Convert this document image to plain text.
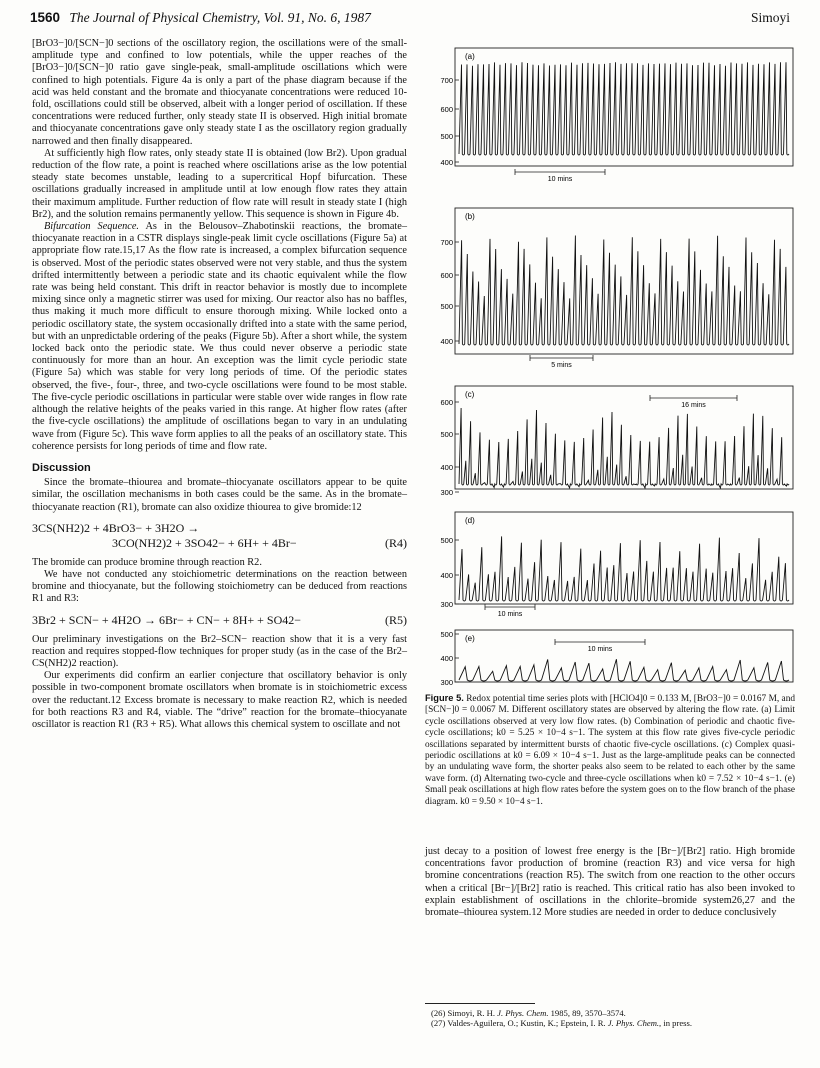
1560 The Journal of Physical Chemistry, Vol. 91, No. 6, 1987	Simoyi

[BrO3−]0/[SCN−]0 sections of the oscillatory region, the oscillations were of the small-amplitude type and confined to low potentials, while the upper reaches of the [BrO3−]0/[SCN−]0 ratio gave single-peak, small-amplitude oscillations which were confined to high potentials. Figure 4a is only a part of the phase diagram because if the acid was held constant and the bromate and thiocyanate concentrations were reduced 10-fold, oscillations could still be observed, albeit with a longer period of oscillation. If these concentrations were reduced further, only steady state II is observed. High initial bromate and thiocyanate concentrations gave only steady state I as the oscillatory region gradually narrowed and then finally disappeared.

At sufficiently high flow rates, only steady state II is obtained (low Br2). Upon gradual reduction of the flow rate, a point is reached where oscillations arise as the low potential steady state becomes unstable, leading to a supercritical Hopf bifurcation. These oscillations gradually increased in amplitude until at low enough flow rates they attain their maximum amplitude. Further reduction of flow rate will result in steady state I (high Br2), and the solution remains permanently yellow. This sequence is shown in Figure 4b.

Bifurcation Sequence. As in the Belousov–Zhabotinskii reactions, the bromate–thiocyanate reaction in a CSTR displays single-peak limit cycle oscillations (Figure 5a) at appropriate flow rate.15,17 As the flow rate is increased, a complex bifurcation sequence is observed. Most of the periodic states observed were not very stable, and thus the system drifted intermittently between a periodic state and its chaotic equivalent while the flow rate was being held constant. This drift in reactor behavior is mostly due to incomplete mixing since only a magnetic stirrer was used for mixing. Our reactor also has no baffles, thus making it much more difficult to ensure thorough mixing. While locked onto a periodic oscillatory state, the system occasionally drifted into a state with the same period, but with an unpredictable ordering of the peaks (Figure 5b). After a short while, the system locked back onto the periodic state. We thus could never observe a periodic state continuously for more than an hour. An exception was the limit cycle periodic state (Figure 5a) which was stable for very long periods of time. Of the periodic states observed, the five-, four-, three, and two-cycle oscillations were found to be most stable. The five-cycle periodic oscillations in particular were stable over wide ranges in flow rate although the relative heights of the peaks varied in this range. At higher flow rates (after the five-cycle oscillations) the amplitude of oscillations began to vary in an undulating wave from (Figure 5c). This wave form applies to all the peaks of an oscillatory state. This coherence persists for long periods of time and flow rate.

Discussion

Since the bromate–thiourea and bromate–thiocyanate oscillators appear to be quite similar, the oscillation mechanisms in both cases could be the same. As in the bromate–thiocyanate reaction (R1), bromate can also oxidize thiourea to give bromide:12

3CS(NH2)2 + 4BrO3− + 3H2O →
3CO(NH2)2 + 3SO42− + 6H+ + 4Br−	(R4)

The bromide can produce bromine through reaction R2.

We have not conducted any stoichiometric determinations on the reaction between bromine and thiocyanate, but the following stoichiometry can be deduced from reactions R1 and R3:

3Br2 + SCN− + 4H2O → 6Br− + CN− + 8H+ + SO42−	(R5)

Our preliminary investigations on the Br2–SCN− reaction show that it is a very fast reaction and requires stopped-flow techniques for proper study (as in the case of the Br2–CS(NH2)2 reaction).

Our experiments did confirm an earlier conjecture that oscillatory behavior is only possible in two-component bromate oscillators when bromate is in stoichiometric excess over the reductant.12 Excess bromate is necessary to make reaction R2, which is needed for both reactions R3 and R4, viable. The “drive” reaction for the bromate–thiocyanate oscillator is reaction R1 (R3 + R5). What allows this chemical system to oscillate and not

(a)
700
600
500
400
10 mins
(b)
700
600
500
400
5 mins
(c)
600
500
400
300
16 mins
(d)
500
400
300
10 mins
(e)
500
400
300
10 mins
Figure 5. Redox potential time series plots with [HClO4]0 = 0.133 M, [BrO3−]0 = 0.0167 M, and [SCN−]0 = 0.0067 M. Different oscillatory states are observed by altering the flow rate. (a) Limit cycle oscillations observed at very low flow rates. (b) Combination of periodic and chaotic five-cycle oscillations; k0 = 5.25 × 10−4 s−1. The system at this flow rate gives five-cycle periodic oscillations separated by intermittent bursts of chaotic five-cycle oscillations. (c) Complex quasi-periodic oscillations at k0 = 6.09 × 10−4 s−1. Just as the large-amplitude peaks can be connected by an undulating wave form, the shorter peaks also seem to be related to each other by the same wave form. (d) Alternating two-cycle and three-cycle oscillations when k0 = 7.52 × 10−4 s−1. (e) Small peak oscillations at high flow rates before the system goes on to the flow branch of the phase diagram. k0 = 9.50 × 10−4 s−1.

just decay to a position of lowest free energy is the [Br−]/[Br2] ratio. High bromide concentrations favor production of bromine (reaction R3) and vice versa for high bromine concentrations (reaction R5). The switch from one reaction to the other occurs when a critical [Br−]/[Br2] ratio is reached. This critical ratio has also been invoked to explain establishment of oscillations in the chlorite–bromide system26,27 and the bromate–thiourea system.12 More studies are needed in order to deduce conclusively

(26) Simoyi, R. H. J. Phys. Chem. 1985, 89, 3570–3574.
(27) Valdes-Aguilera, O.; Kustin, K.; Epstein, I. R. J. Phys. Chem., in press.
